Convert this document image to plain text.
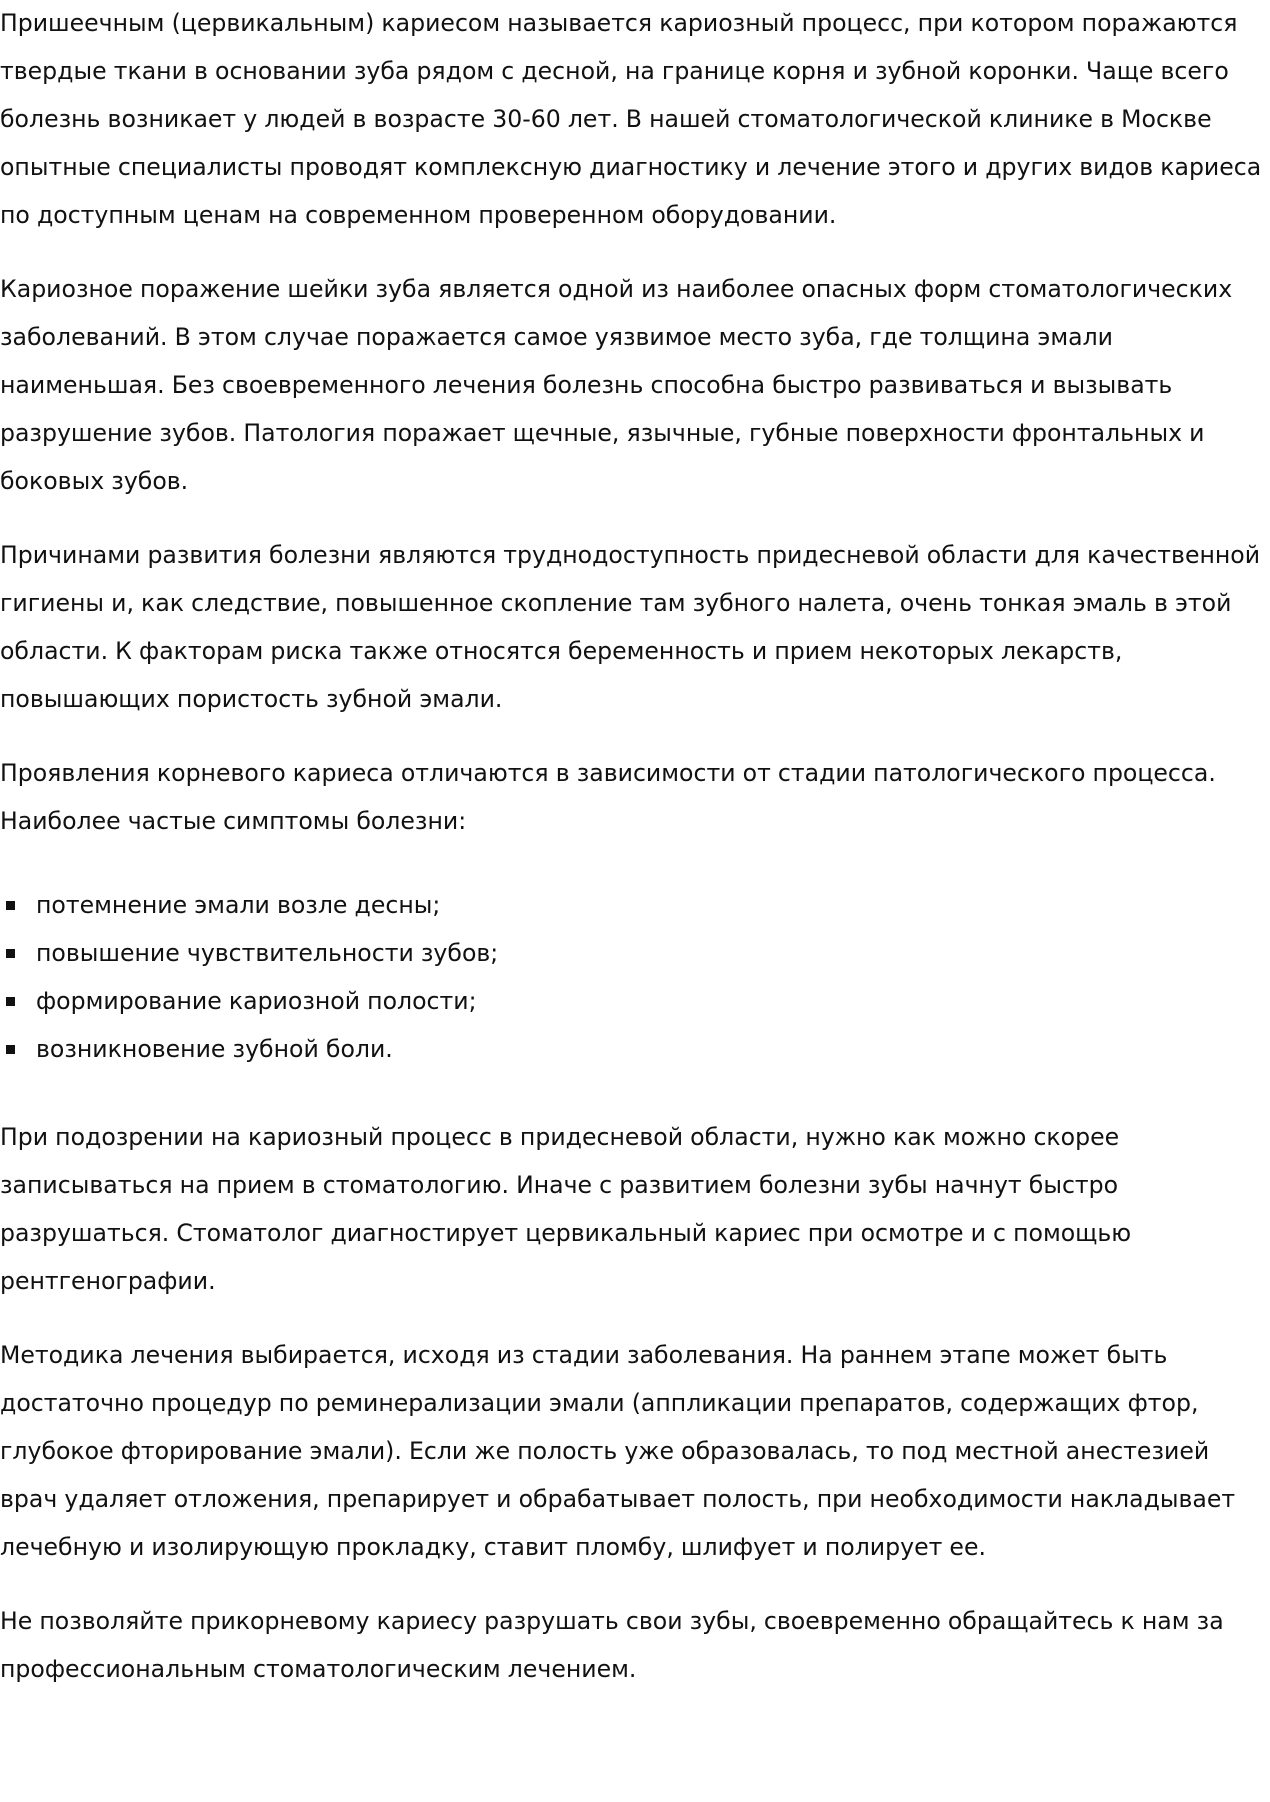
Пришеечным (цервикальным) кариесом называется кариозный процесс, при котором поражаются твердые ткани в основании зуба рядом с десной, на границе корня и зубной коронки. Чаще всего болезнь возникает у людей в возрасте 30-60 лет. В нашей стоматологической клинике в Москве опытные специалисты проводят комплексную диагностику и лечение этого и других видов кариеса по доступным ценам на современном проверенном оборудовании.

Кариозное поражение шейки зуба является одной из наиболее опасных форм стоматологических заболеваний. В этом случае поражается самое уязвимое место зуба, где толщина эмали наименьшая. Без своевременного лечения болезнь способна быстро развиваться и вызывать разрушение зубов. Патология поражает щечные, язычные, губные поверхности фронтальных и боковых зубов.

Причинами развития болезни являются труднодоступность придесневой области для качественной гигиены и, как следствие, повышенное скопление там зубного налета, очень тонкая эмаль в этой области. К факторам риска также относятся беременность и прием некоторых лекарств, повышающих пористость зубной эмали.

Проявления корневого кариеса отличаются в зависимости от стадии патологического процесса. Наиболее частые симптомы болезни:

потемнение эмали возле десны;
повышение чувствительности зубов;
формирование кариозной полости;
возникновение зубной боли.

При подозрении на кариозный процесс в придесневой области, нужно как можно скорее записываться на прием в стоматологию. Иначе с развитием болезни зубы начнут быстро разрушаться. Стоматолог диагностирует цервикальный кариес при осмотре и с помощью рентгенографии.

Методика лечения выбирается, исходя из стадии заболевания. На раннем этапе может быть достаточно процедур по реминерализации эмали (аппликации препаратов, содержащих фтор, глубокое фторирование эмали). Если же полость уже образовалась, то под местной анестезией врач удаляет отложения, препарирует и обрабатывает полость, при необходимости накладывает лечебную и изолирующую прокладку, ставит пломбу, шлифует и полирует ее.

Не позволяйте прикорневому кариесу разрушать свои зубы, своевременно обращайтесь к нам за профессиональным стоматологическим лечением.
